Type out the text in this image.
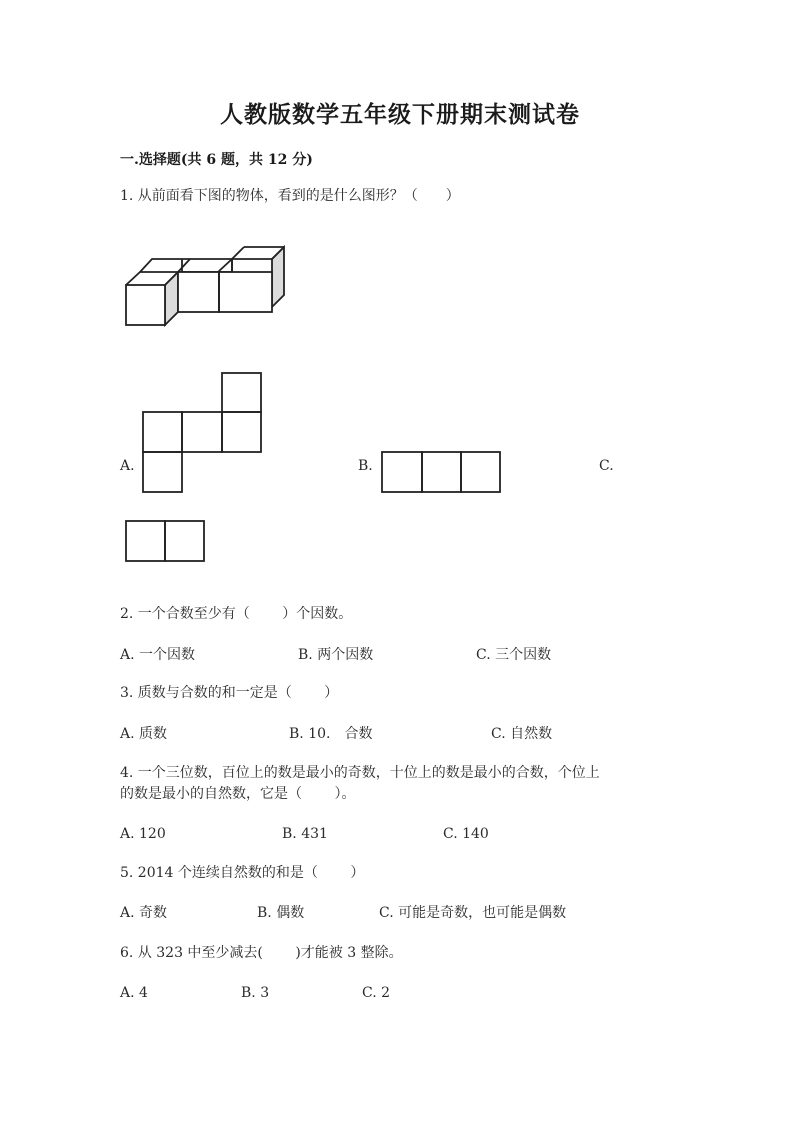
人教版数学五年级下册期末测试卷
一.选择题(共 6 题，共 12 分)
1. 从前面看下图的物体，看到的是什么图形？（　　）
A.	B.	C.
2. 一个合数至少有（　　 ）个因数。
A. 一个因数	B. 两个因数	C. 三个因数
3. 质数与合数的和一定是（　　 ）
A. 质数	B. 10.　合数	C. 自然数
4. 一个三位数，百位上的数是最小的奇数，十位上的数是最小的合数，个位上
的数是最小的自然数，它是（　　 ）。
A. 120	B. 431	C. 140
5. 2014 个连续自然数的和是（　　 ）
A. 奇数	B. 偶数	C. 可能是奇数，也可能是偶数
6. 从 323 中至少减去(　　 )才能被 3 整除。
A. 4	B. 3	C. 2
